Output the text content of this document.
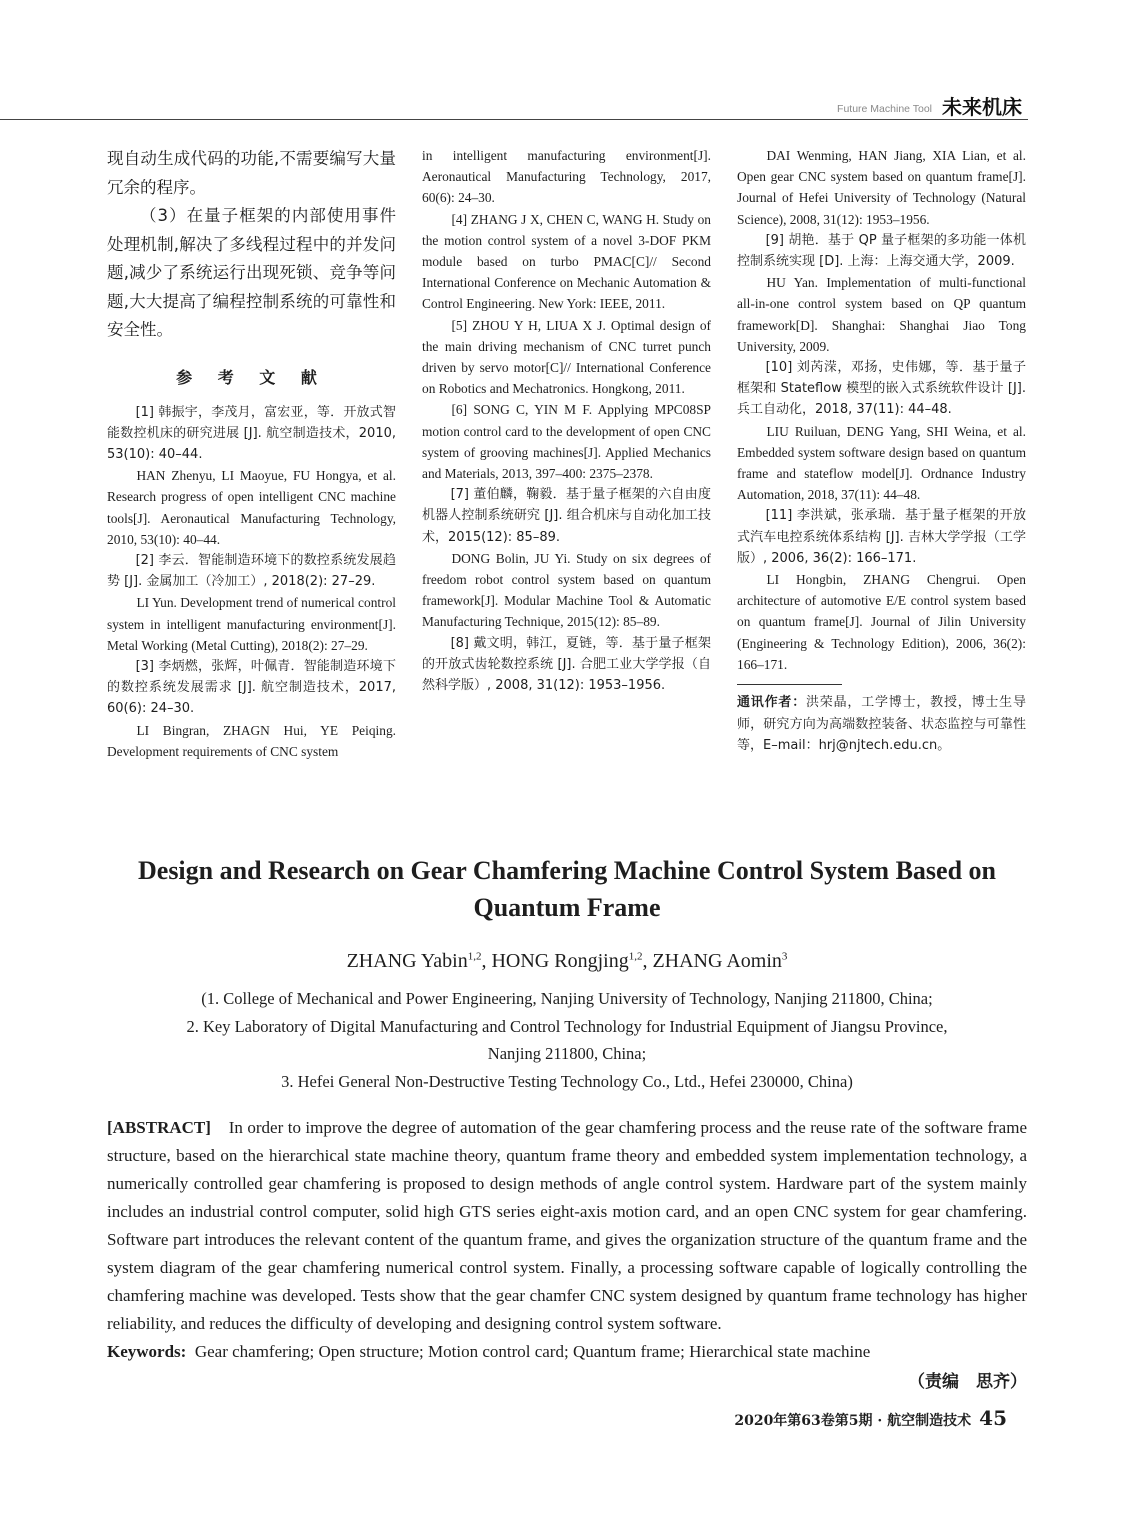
Future Machine Tool 未来机床

现自动生成代码的功能,不需要编写大量冗余的程序。

（3）在量子框架的内部使用事件处理机制,解决了多线程过程中的并发问题,减少了系统运行出现死锁、竞争等问题,大大提高了编程控制系统的可靠性和安全性。

参 考 文 献

[1] 韩振宇，李茂月，富宏亚，等．开放式智能数控机床的研究进展 [J]. 航空制造技术，2010, 53(10): 40–44.

HAN Zhenyu, LI Maoyue, FU Hongya, et al. Research progress of open intelligent CNC machine tools[J]. Aeronautical Manufacturing Technology, 2010, 53(10): 40–44.

[2] 李云．智能制造环境下的数控系统发展趋势 [J]. 金属加工（冷加工）, 2018(2): 27–29.

LI Yun. Development trend of numerical control system in intelligent manufacturing environment[J]. Metal Working (Metal Cutting), 2018(2): 27–29.

[3] 李炳燃，张辉，叶佩青．智能制造环境下的数控系统发展需求 [J]. 航空制造技术，2017, 60(6): 24–30.

LI Bingran, ZHAGN Hui, YE Peiqing. Development requirements of CNC system

in intelligent manufacturing environment[J]. Aeronautical Manufacturing Technology, 2017, 60(6): 24–30.

[4] ZHANG J X, CHEN C, WANG H. Study on the motion control system of a novel 3-DOF PKM module based on turbo PMAC[C]// Second International Conference on Mechanic Automation & Control Engineering. New York: IEEE, 2011.

[5] ZHOU Y H, LIUA X J. Optimal design of the main driving mechanism of CNC turret punch driven by servo motor[C]// International Conference on Robotics and Mechatronics. Hongkong, 2011.

[6] SONG C, YIN M F. Applying MPC08SP motion control card to the development of open CNC system of grooving machines[J]. Applied Mechanics and Materials, 2013, 397–400: 2375–2378.

[7] 董伯麟，鞠毅．基于量子框架的六自由度机器人控制系统研究 [J]. 组合机床与自动化加工技术，2015(12): 85–89.

DONG Bolin, JU Yi. Study on six degrees of freedom robot control system based on quantum framework[J]. Modular Machine Tool & Automatic Manufacturing Technique, 2015(12): 85–89.

[8] 戴文明，韩江，夏链，等．基于量子框架的开放式齿轮数控系统 [J]. 合肥工业大学学报（自然科学版）, 2008, 31(12): 1953–1956.

DAI Wenming, HAN Jiang, XIA Lian, et al. Open gear CNC system based on quantum frame[J]. Journal of Hefei University of Technology (Natural Science), 2008, 31(12): 1953–1956.

[9] 胡艳．基于 QP 量子框架的多功能一体机控制系统实现 [D]. 上海：上海交通大学，2009.

HU Yan. Implementation of multi-functional all-in-one control system based on QP quantum framework[D]. Shanghai: Shanghai Jiao Tong University, 2009.

[10] 刘芮溁，邓扬，史伟娜，等．基于量子框架和 Stateflow 模型的嵌入式系统软件设计 [J]. 兵工自动化，2018, 37(11): 44–48.

LIU Ruiluan, DENG Yang, SHI Weina, et al. Embedded system software design based on quantum frame and stateflow model[J]. Ordnance Industry Automation, 2018, 37(11): 44–48.

[11] 李洪斌，张承瑞．基于量子框架的开放式汽车电控系统体系结构 [J]. 吉林大学学报（工学版）, 2006, 36(2): 166–171.

LI Hongbin, ZHANG Chengrui. Open architecture of automotive E/E control system based on quantum frame[J]. Journal of Jilin University (Engineering & Technology Edition), 2006, 36(2): 166–171.

通讯作者：洪荣晶，工学博士，教授，博士生导师，研究方向为高端数控装备、状态监控与可靠性等，E–mail：hrj@njtech.edu.cn。

Design and Research on Gear Chamfering Machine Control System Based on
Quantum Frame

ZHANG Yabin$^{1,2}$, HONG Rongjing$^{1,2}$, ZHANG Aomin$^3$

(1. College of Mechanical and Power Engineering, Nanjing University of Technology, Nanjing 211800, China;
2. Key Laboratory of Digital Manufacturing and Control Technology for Industrial Equipment of Jiangsu Province,
Nanjing 211800, China;
3. Hefei General Non-Destructive Testing Technology Co., Ltd., Hefei 230000, China)

[ABSTRACT] In order to improve the degree of automation of the gear chamfering process and the reuse rate of the software frame structure, based on the hierarchical state machine theory, quantum frame theory and embedded system implementation technology, a numerically controlled gear chamfering is proposed to design methods of angle control system. Hardware part of the system mainly includes an industrial control computer, solid high GTS series eight-axis motion card, and an open CNC system for gear chamfering. Software part introduces the relevant content of the quantum frame, and gives the organization structure of the quantum frame and the system diagram of the gear chamfering numerical control system. Finally, a processing software capable of logically controlling the chamfering machine was developed. Tests show that the gear chamfer CNC system designed by quantum frame technology has higher reliability, and reduces the difficulty of developing and designing control system software.

Keywords: Gear chamfering; Open structure; Motion control card; Quantum frame; Hierarchical state machine

（责编　思齐）

2020年第63卷第5期 · 航空制造技术 45
